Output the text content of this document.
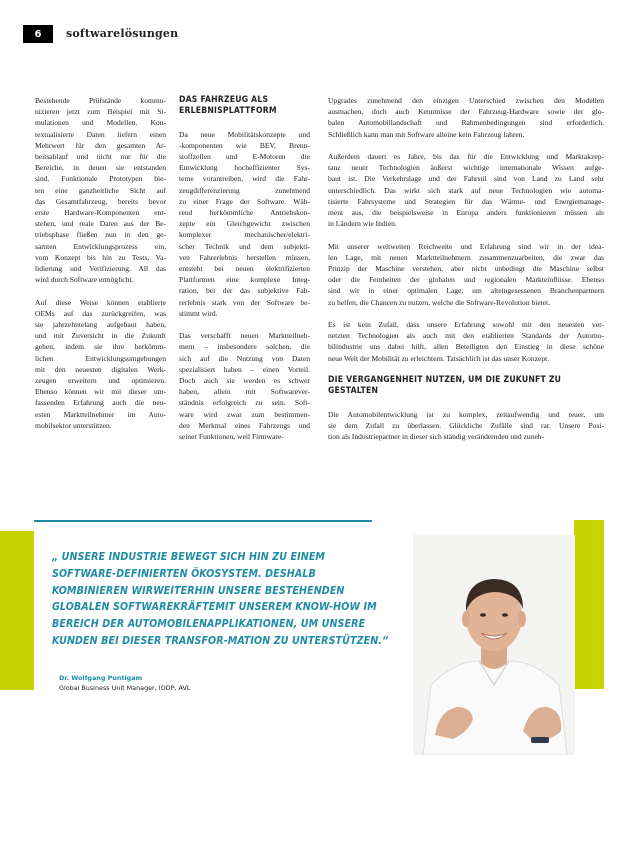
6	softwarelösungen
Bestehende Prüfstände kommu-
nizieren jetzt zum Beispiel mit Si-
mulationen und Modellen. Kon-
textualisierte Daten liefern einen
Mehrwert für den gesamten Ar-
beitsablauf und nicht nur für die
Bereiche, in denen sie entstanden
sind. Funktionale Prototypen bie-
ten eine ganzheitliche Sicht auf
das Gesamtfahrzeug, bereits bevor
erste Hardware-Komponenten ent-
stehen, und reale Daten aus der Be-
triebsphase fließen nun in den ge-
samten Entwicklungsprozess ein,
vom Konzept bis hin zu Tests, Va-
lidierung und Verifizierung. All das
wird durch Software ermöglicht.
Auf diese Weise können etablierte
OEMs auf das zurückgreifen, was
sie jahrzehntelang aufgebaut haben,
und mit Zuversicht in die Zukunft
gehen, indem sie ihre herkömm-
lichen Entwicklungsumgebungen
mit den neuesten digitalen Werk-
zeugen erweitern und optimieren.
Ebenso können wir mit dieser um-
fassenden Erfahrung auch die neu-
esten Marktteilnehmer im Auto-
mobilsektor unterstützen.
DAS FAHRZEUG ALS
ERLEBNISPLATTFORM
Da neue Mobilitätskonzepte und
-komponenten wie BEV, Brenn-
stoffzellen und E-Motoren die
Entwicklung hocheffizienter Sys-
teme vorantreiben, wird die Fahr-
zeugdifferenzierung zunehmend
zu einer Frage der Software. Wäh-
rend herkömmliche Antriebskon-
zepte ein Gleichgewicht zwischen
komplexer mechanischer/elektri-
scher Technik und dem subjekti-
ven Fahrerlebnis herstellen müssen,
entsteht bei neuen elektrifizierten
Plattformen eine komplexe Integ-
ration, bei der das subjektive Fah-
rerlebnis stark von der Software be-
stimmt wird.
Das verschafft neuen Marktteilneh-
mern – insbesondere solchen, die
sich auf die Nutzung von Daten
spezialisiert haben – einen Vorteil.
Doch auch sie werden es schwer
haben, allein mit Softwarever-
ständnis erfolgreich zu sein. Soft-
ware wird zwar zum bestimmen-
den Merkmal eines Fahrzeugs und
seiner Funktionen, weil Firmware-
Upgrades zunehmend den einzigen Unterschied zwischen den Modellen
ausmachen, doch auch Kenntnisse der Fahrzeug-Hardware sowie der glo-
balen Automobillandschaft und Rahmenbedingungen sind erforderlich.
Schließlich kann man mit Software alleine kein Fahrzeug fahren.
Außerdem dauert es Jahre, bis das für die Entwicklung und Marktakzep-
tanz neuer Technologien äußerst wichtige internationale Wissen aufge-
baut ist. Die Verkehrslage und der Fahrstil sind von Land zu Land sehr
unterschiedlich. Das wirkt sich stark auf neue Technologien wie automa-
tisierte Fahrsysteme und Strategien für das Wärme- und Energiemanage-
ment aus, die beispielsweise in Europa anders funktionieren müssen als
in Ländern wie Indien.
Mit unserer weltweiten Reichweite und Erfahrung sind wir in der idea-
len Lage, mit neuen Marktteilnehmern zusammenzuarbeiten, die zwar das
Prinzip der Maschine verstehen, aber nicht unbedingt die Maschine selbst
oder die Feinheiten der globalen und regionalen Markteinflüsse. Ebenso
sind wir in einer optimalen Lage, um alteingesessenen Branchenpartnern
zu helfen, die Chancen zu nutzen, welche die Software-Revolution bietet.
Es ist kein Zufall, dass unsere Erfahrung sowohl mit den neuesten ver-
netzten Technologien als auch mit den etablierten Standards der Automo-
bilindustrie uns dabei hilft, allen Beteiligten den Einstieg in diese schöne
neue Welt der Mobilität zu erleichtern. Tatsächlich ist das unser Konzept.
DIE VERGANGENHEIT NUTZEN, UM DIE ZUKUNFT ZU GESTALTEN
Die Automobilentwicklung ist zu komplex, zeitaufwendig und teuer, um
sie dem Zufall zu überlassen. Glückliche Zufälle sind rar. Unsere Posi-
tion als Industriepartner in dieser sich ständig verändernden und zuneh-
„ UNSERE INDUSTRIE BEWEGT SICH HIN ZU EINEM SOFTWARE-DEFINIERTEN ÖKOSYSTEM. DESHALB KOMBINIEREN WIRWEITERHIN UNSERE BESTEHENDEN GLOBALEN SOFTWAREKRÄFTEMIT UNSEREM KNOW-HOW IM BEREICH DER AUTOMOBILENAPPLIKATIONEN, UM UNSERE KUNDEN BEI DIESER TRANSFOR-MATION ZU UNTERSTÜTZEN.“
Dr. Wolfgang Puntigam
Global Business Unit Manager, IODP, AVL
